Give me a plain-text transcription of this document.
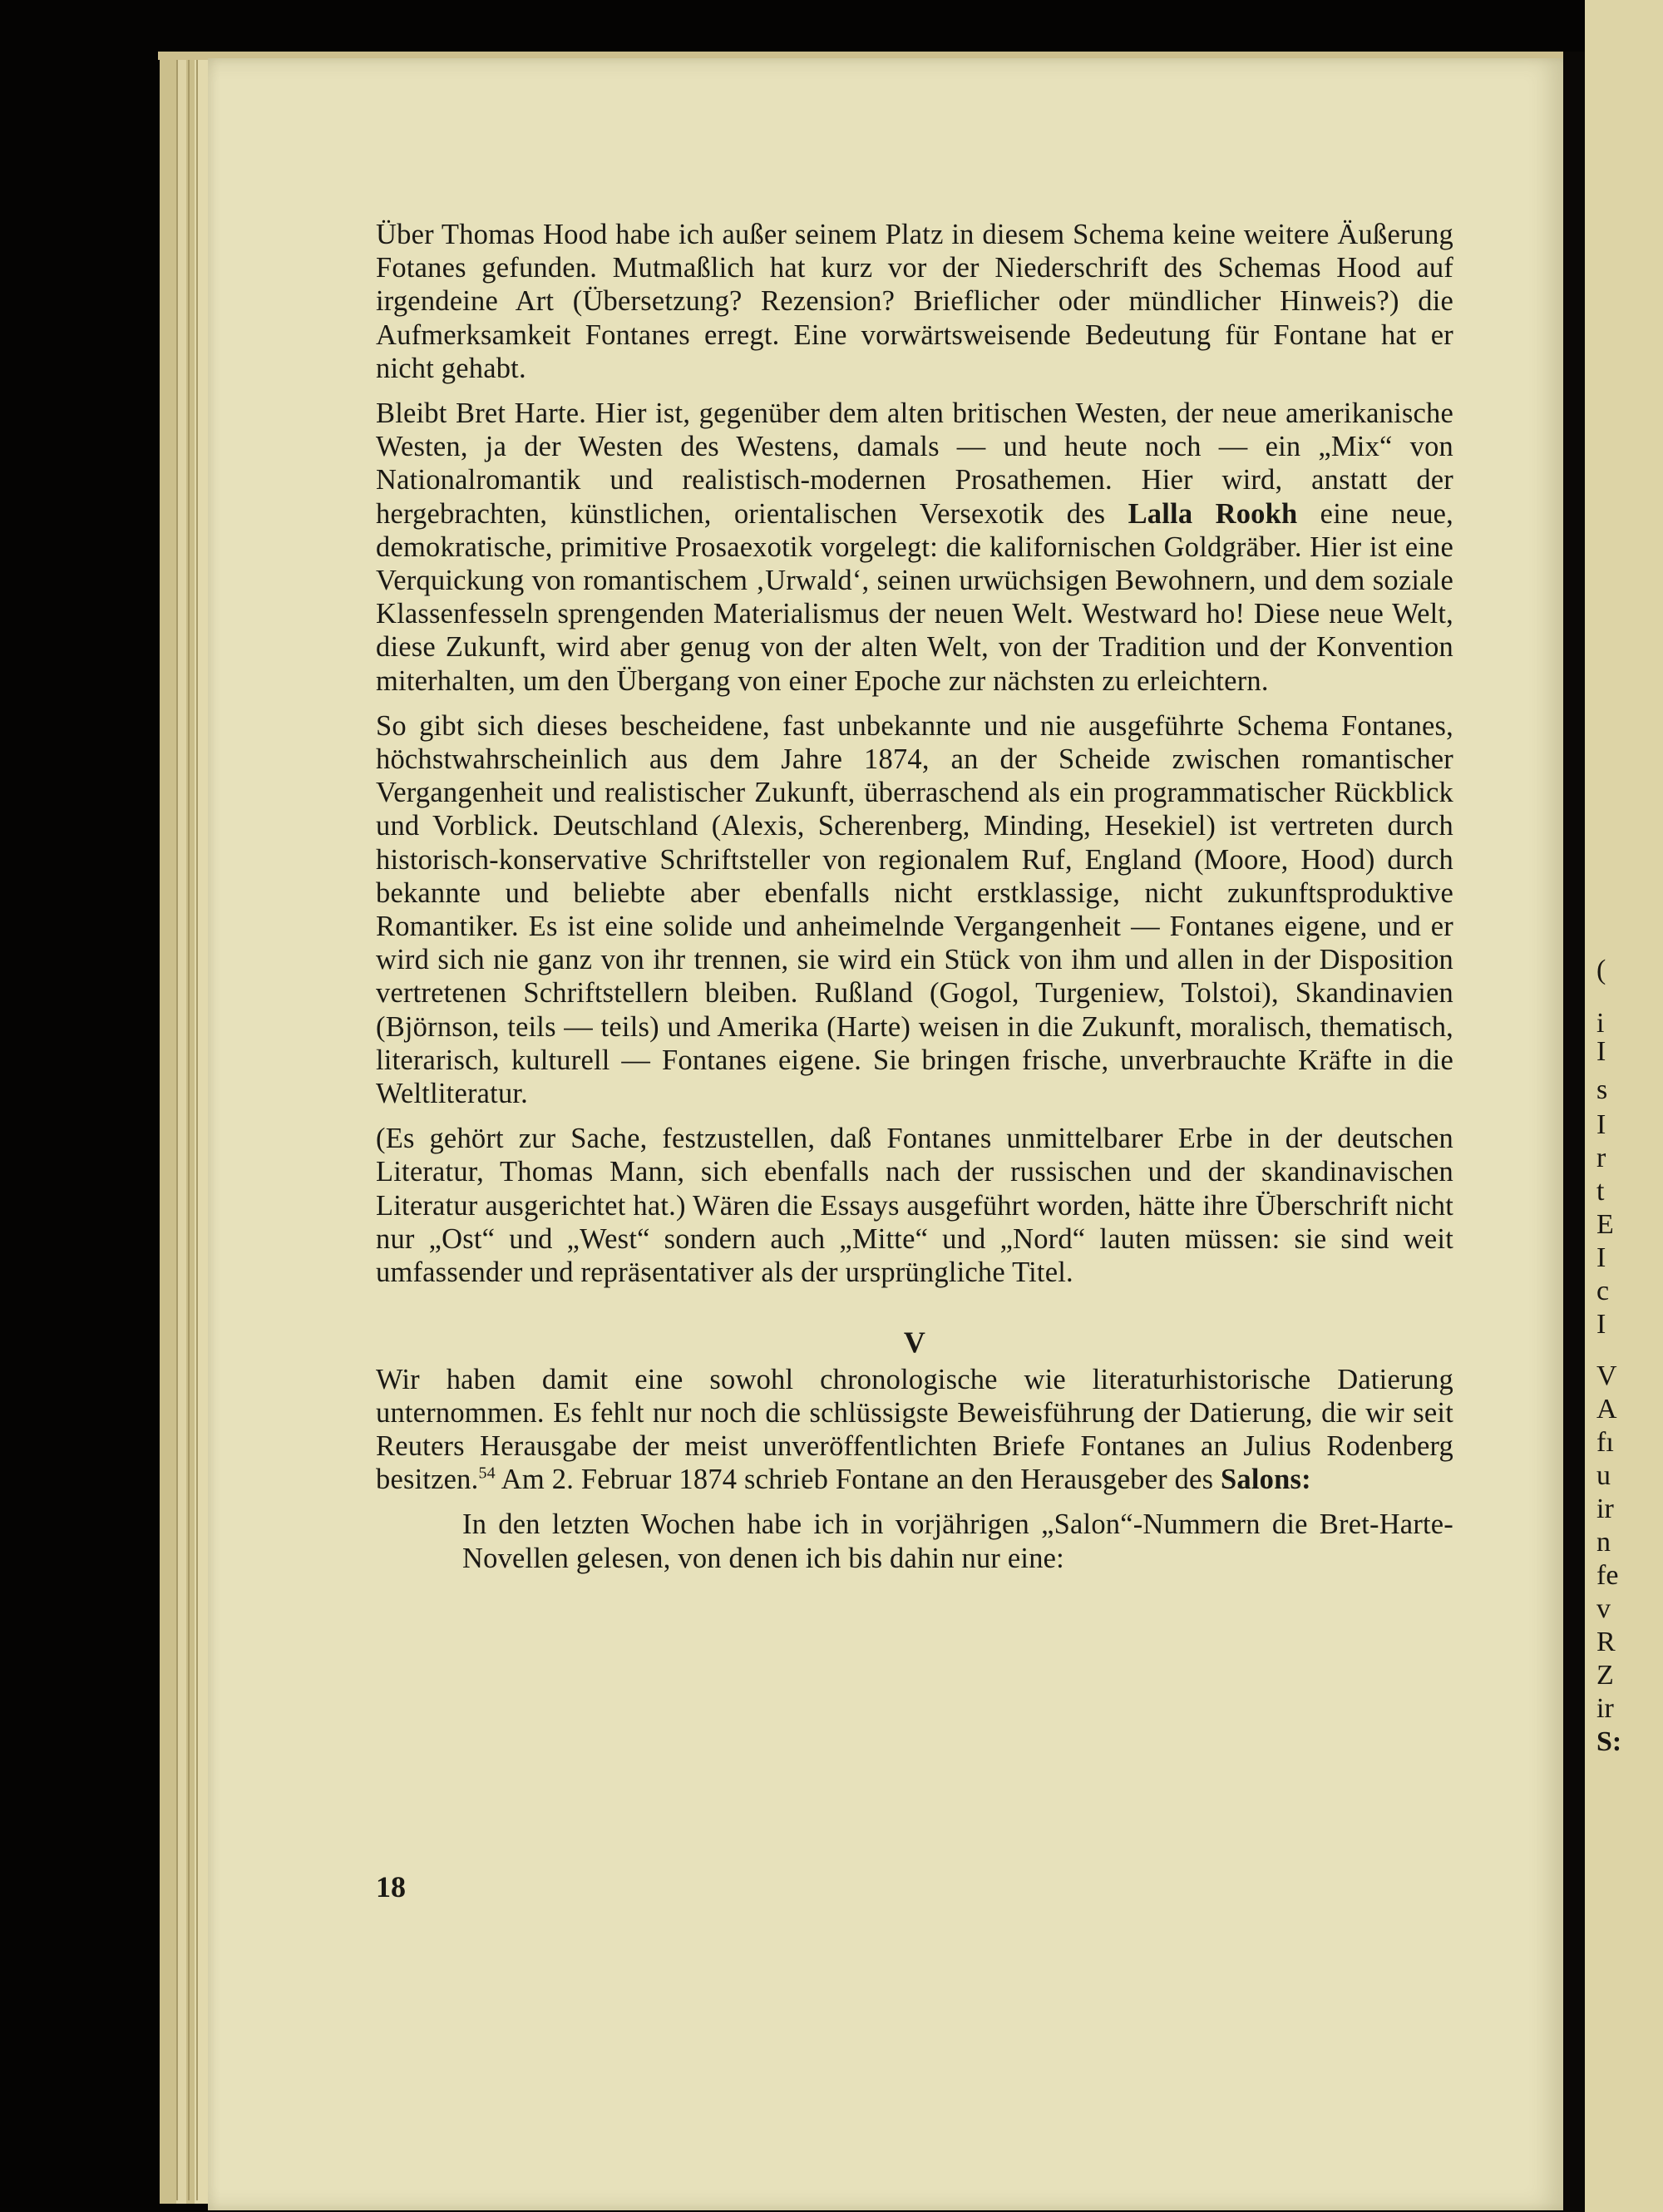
Über Thomas Hood habe ich außer seinem Platz in diesem Schema keine weitere Äußerung Fotanes gefunden. Mutmaßlich hat kurz vor der Niederschrift des Schemas Hood auf irgendeine Art (Übersetzung? Rezension? Brieflicher oder mündlicher Hinweis?) die Aufmerksamkeit Fontanes erregt. Eine vorwärtsweisende Bedeutung für Fontane hat er nicht gehabt.

Bleibt Bret Harte. Hier ist, gegenüber dem alten britischen Westen, der neue amerikanische Westen, ja der Westen des Westens, damals — und heute noch — ein „Mix“ von Nationalromantik und realistisch-modernen Prosathemen. Hier wird, anstatt der hergebrachten, künstlichen, orientalischen Versexotik des Lalla Rookh eine neue, demokratische, primitive Prosaexotik vorgelegt: die kalifornischen Goldgräber. Hier ist eine Verquickung von romantischem ‚Urwald‘, seinen urwüchsigen Bewohnern, und dem soziale Klassenfesseln sprengenden Materialismus der neuen Welt. Westward ho! Diese neue Welt, diese Zukunft, wird aber genug von der alten Welt, von der Tradition und der Konvention miterhalten, um den Übergang von einer Epoche zur nächsten zu erleichtern.

So gibt sich dieses bescheidene, fast unbekannte und nie ausgeführte Schema Fontanes, höchstwahrscheinlich aus dem Jahre 1874, an der Scheide zwischen romantischer Vergangenheit und realistischer Zukunft, überraschend als ein programmatischer Rückblick und Vorblick. Deutschland (Alexis, Scherenberg, Minding, Hesekiel) ist vertreten durch historisch-konservative Schriftsteller von regionalem Ruf, England (Moore, Hood) durch bekannte und beliebte aber ebenfalls nicht erstklassige, nicht zukunftsproduktive Romantiker. Es ist eine solide und anheimelnde Vergangenheit — Fontanes eigene, und er wird sich nie ganz von ihr trennen, sie wird ein Stück von ihm und allen in der Disposition vertretenen Schriftstellern bleiben. Rußland (Gogol, Turgeniew, Tolstoi), Skandinavien (Björnson, teils — teils) und Amerika (Harte) weisen in die Zukunft, moralisch, thematisch, literarisch, kulturell — Fontanes eigene. Sie bringen frische, unverbrauchte Kräfte in die Weltliteratur.

(Es gehört zur Sache, festzustellen, daß Fontanes unmittelbarer Erbe in der deutschen Literatur, Thomas Mann, sich ebenfalls nach der russischen und der skandinavischen Literatur ausgerichtet hat.) Wären die Essays ausgeführt worden, hätte ihre Überschrift nicht nur „Ost“ und „West“ sondern auch „Mitte“ und „Nord“ lauten müssen: sie sind weit umfassender und repräsentativer als der ursprüngliche Titel.

V

Wir haben damit eine sowohl chronologische wie literaturhistorische Datierung unternommen. Es fehlt nur noch die schlüssigste Beweisführung der Datierung, die wir seit Reuters Herausgabe der meist unveröffentlichten Briefe Fontanes an Julius Rodenberg besitzen.$^{54}$ Am 2. Februar 1874 schrieb Fontane an den Herausgeber des Salons:

In den letzten Wochen habe ich in vorjährigen „Salon“-Nummern die Bret-Harte-Novellen gelesen, von denen ich bis dahin nur eine:

18
(
i
I
s
I
r
t
E
I
c
I
V
A
fı
u
ir
n
fe
v
R
Z
ir
S:
